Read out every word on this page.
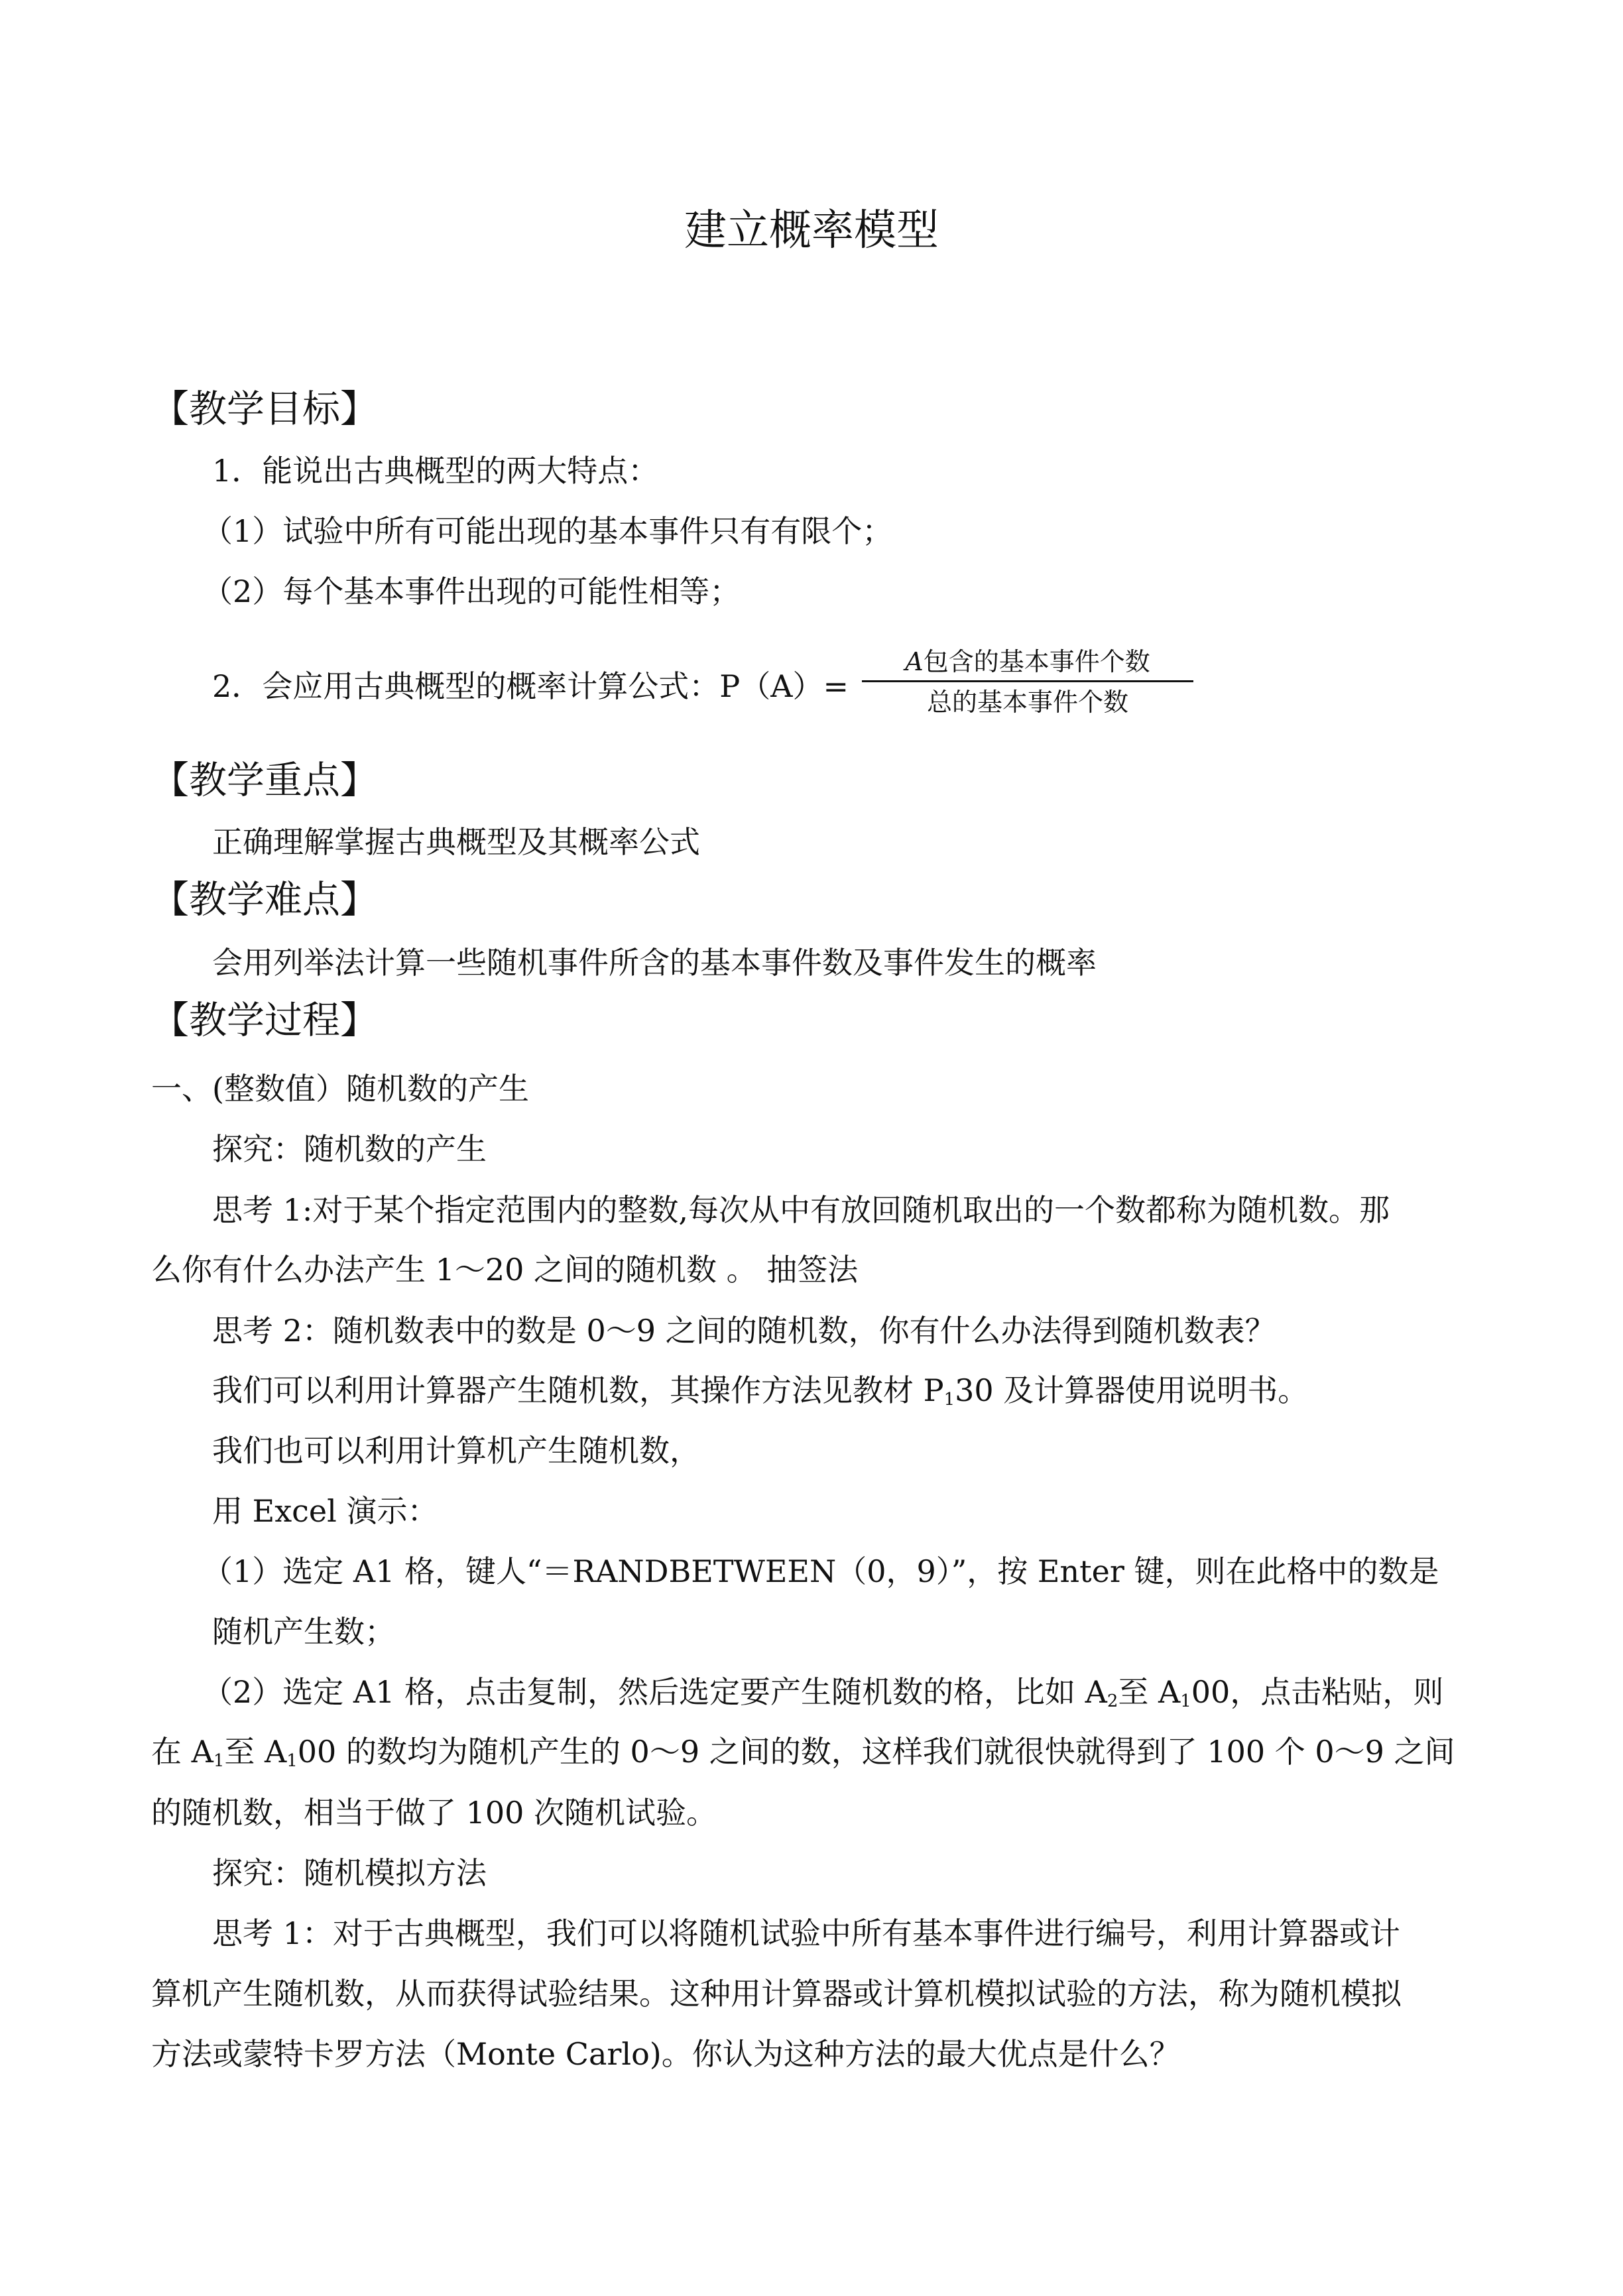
建立概率模型
【教学目标】
1．能说出古典概型的两大特点：
（1）试验中所有可能出现的基本事件只有有限个；
（2）每个基本事件出现的可能性相等；
2．会应用古典概型的概率计算公式：P（A）=
A包含的基本事件个数
总的基本事件个数
【教学重点】
正确理解掌握古典概型及其概率公式
【教学难点】
会用列举法计算一些随机事件所含的基本事件数及事件发生的概率
【教学过程】
一、(整数值）随机数的产生
探究：随机数的产生
思考 1:对于某个指定范围内的整数,每次从中有放回随机取出的一个数都称为随机数。那
么你有什么办法产生 1～20 之间的随机数 。 抽签法
思考 2：随机数表中的数是 0～9 之间的随机数，你有什么办法得到随机数表？
我们可以利用计算器产生随机数，其操作方法见教材 $P_130$ 及计算器使用说明书。
我们也可以利用计算机产生随机数，
用 Excel 演示：
（1）选定 A1 格，键人“＝RANDBETWEEN（0，9）”，按 Enter 键，则在此格中的数是
随机产生数；
（2）选定 A1 格，点击复制，然后选定要产生随机数的格，比如 $A_2$至 $A_100$，点击粘贴，则
在 $A_1$至 $A_100$ 的数均为随机产生的 0～9 之间的数，这样我们就很快就得到了 100 个 0～9 之间
的随机数，相当于做了 100 次随机试验。
探究：随机模拟方法
思考 1：对于古典概型，我们可以将随机试验中所有基本事件进行编号，利用计算器或计
算机产生随机数，从而获得试验结果。这种用计算器或计算机模拟试验的方法，称为随机模拟
方法或蒙特卡罗方法（Monte Carlo)。你认为这种方法的最大优点是什么？
